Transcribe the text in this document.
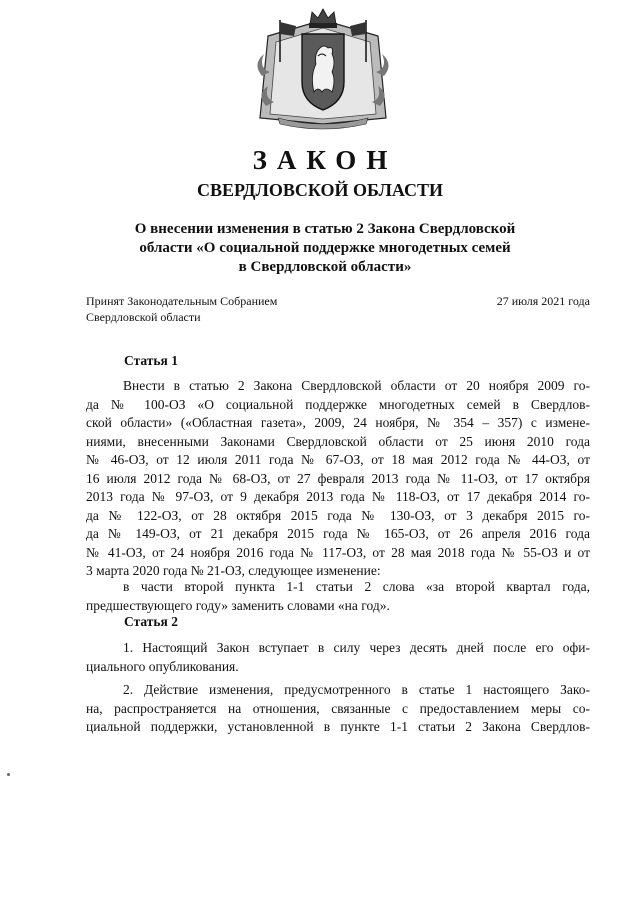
ЗАКОН
СВЕРДЛОВСКОЙ ОБЛАСТИ
О внесении изменения в статью 2 Закона Свердловской
области «О социальной поддержке многодетных семей
в Свердловской области»
Принят Законодательным Собранием
Свердловской области
27 июля 2021 года
Статья 1
Внести в статью 2 Закона Свердловской области от 20 ноября 2009 го-
да № 100-ОЗ «О социальной поддержке многодетных семей в Свердлов-
ской области» («Областная газета», 2009, 24 ноября, № 354 – 357) с измене-
ниями, внесенными Законами Свердловской области от 25 июня 2010 года
№ 46-ОЗ, от 12 июля 2011 года № 67-ОЗ, от 18 мая 2012 года № 44-ОЗ, от
16 июля 2012 года № 68-ОЗ, от 27 февраля 2013 года № 11-ОЗ, от 17 октября
2013 года № 97-ОЗ, от 9 декабря 2013 года № 118-ОЗ, от 17 декабря 2014 го-
да № 122-ОЗ, от 28 октября 2015 года № 130-ОЗ, от 3 декабря 2015 го-
да № 149-ОЗ, от 21 декабря 2015 года № 165-ОЗ, от 26 апреля 2016 года
№ 41-ОЗ, от 24 ноября 2016 года № 117-ОЗ, от 28 мая 2018 года № 55-ОЗ и от
3 марта 2020 года № 21-ОЗ, следующее изменение:
в части второй пункта 1-1 статьи 2 слова «за второй квартал года,
предшествующего году» заменить словами «на год».
Статья 2
1. Настоящий Закон вступает в силу через десять дней после его офи-
циального опубликования.
2. Действие изменения, предусмотренного в статье 1 настоящего Зако-
на, распространяется на отношения, связанные с предоставлением меры со-
циальной поддержки, установленной в пункте 1-1 статьи 2 Закона Свердлов-
